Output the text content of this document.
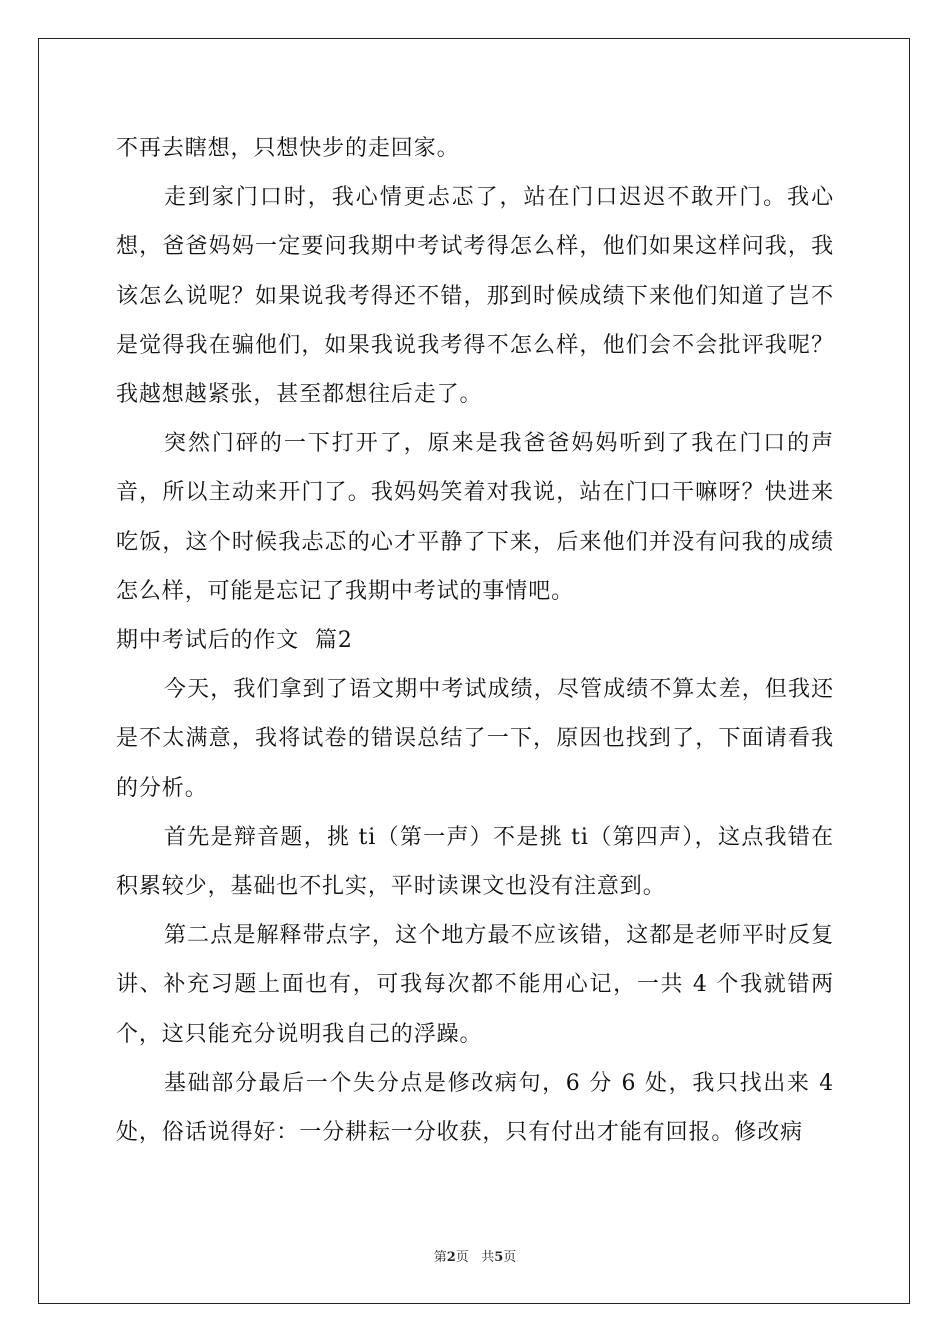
不再去瞎想，只想快步的走回家。

走到家门口时，我心情更忐忑了，站在门口迟迟不敢开门。我心想，爸爸妈妈一定要问我期中考试考得怎么样，他们如果这样问我，我该怎么说呢？如果说我考得还不错，那到时候成绩下来他们知道了岂不是觉得我在骗他们，如果我说我考得不怎么样，他们会不会批评我呢？我越想越紧张，甚至都想往后走了。

突然门砰的一下打开了，原来是我爸爸妈妈听到了我在门口的声音，所以主动来开门了。我妈妈笑着对我说，站在门口干嘛呀？快进来吃饭，这个时候我忐忑的心才平静了下来，后来他们并没有问我的成绩怎么样，可能是忘记了我期中考试的事情吧。

期中考试后的作文  篇2

今天，我们拿到了语文期中考试成绩，尽管成绩不算太差，但我还是不太满意，我将试卷的错误总结了一下，原因也找到了，下面请看我的分析。

首先是辩音题，挑 ti（第一声）不是挑 ti（第四声），这点我错在积累较少，基础也不扎实，平时读课文也没有注意到。

第二点是解释带点字，这个地方最不应该错，这都是老师平时反复讲、补充习题上面也有，可我每次都不能用心记，一共 4 个我就错两个，这只能充分说明我自己的浮躁。

基础部分最后一个失分点是修改病句，6 分 6 处，我只找出来 4 处，俗话说得好：一分耕耘一分收获，只有付出才能有回报。修改病

第2页 共5页
